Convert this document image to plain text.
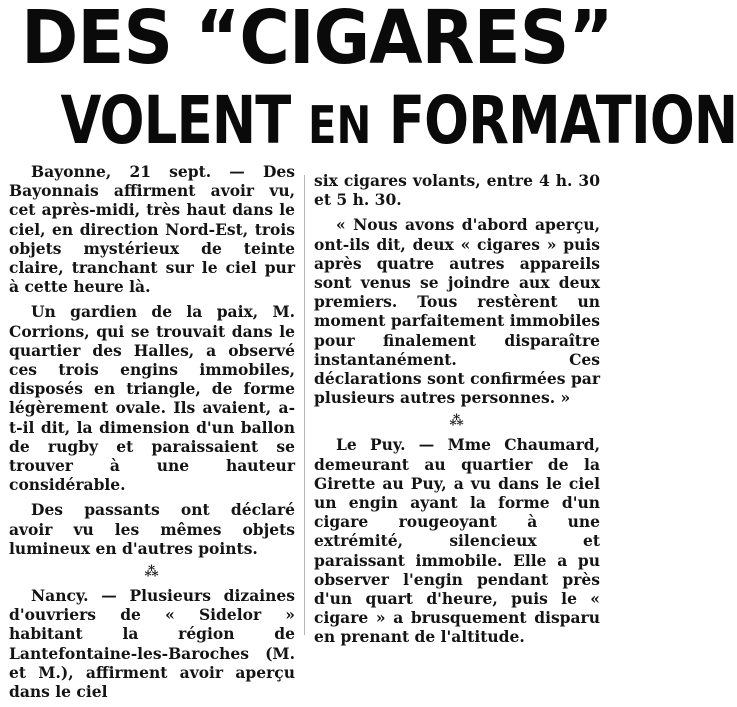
DES “CIGARES”
VOLENT EN FORMATION

Bayonne, 21 sept. — Des Bayonnais affirment avoir vu, cet après-midi, très haut dans le ciel, en direction Nord-Est, trois objets mystérieux de teinte claire, tranchant sur le ciel pur à cette heure là.

Un gardien de la paix, M. Corrions, qui se trouvait dans le quartier des Halles, a observé ces trois engins immobiles, disposés en triangle, de forme légèrement ovale. Ils avaient, a-t-il dit, la dimension d'un ballon de rugby et paraissaient se trouver à une hauteur considérable.

Des passants ont déclaré avoir vu les mêmes objets lumineux en d'autres points.

⁂

Nancy. — Plusieurs dizaines d'ouvriers de « Sidelor » habitant la région de Lantefontaine-les-Baroches (M. et M.), affirment avoir aperçu dans le ciel

six cigares volants, entre 4 h. 30 et 5 h. 30.

« Nous avons d'abord aperçu, ont-ils dit, deux « cigares » puis après quatre autres appareils sont venus se joindre aux deux premiers. Tous restèrent un moment parfaitement immobiles pour finalement disparaître instantanément. Ces déclarations sont confirmées par plusieurs autres personnes. »

⁂

Le Puy. — Mme Chaumard, demeurant au quartier de la Girette au Puy, a vu dans le ciel un engin ayant la forme d'un cigare rougeoyant à une extrémité, silencieux et paraissant immobile. Elle a pu observer l'engin pendant près d'un quart d'heure, puis le « cigare » a brusquement disparu en prenant de l'altitude.
